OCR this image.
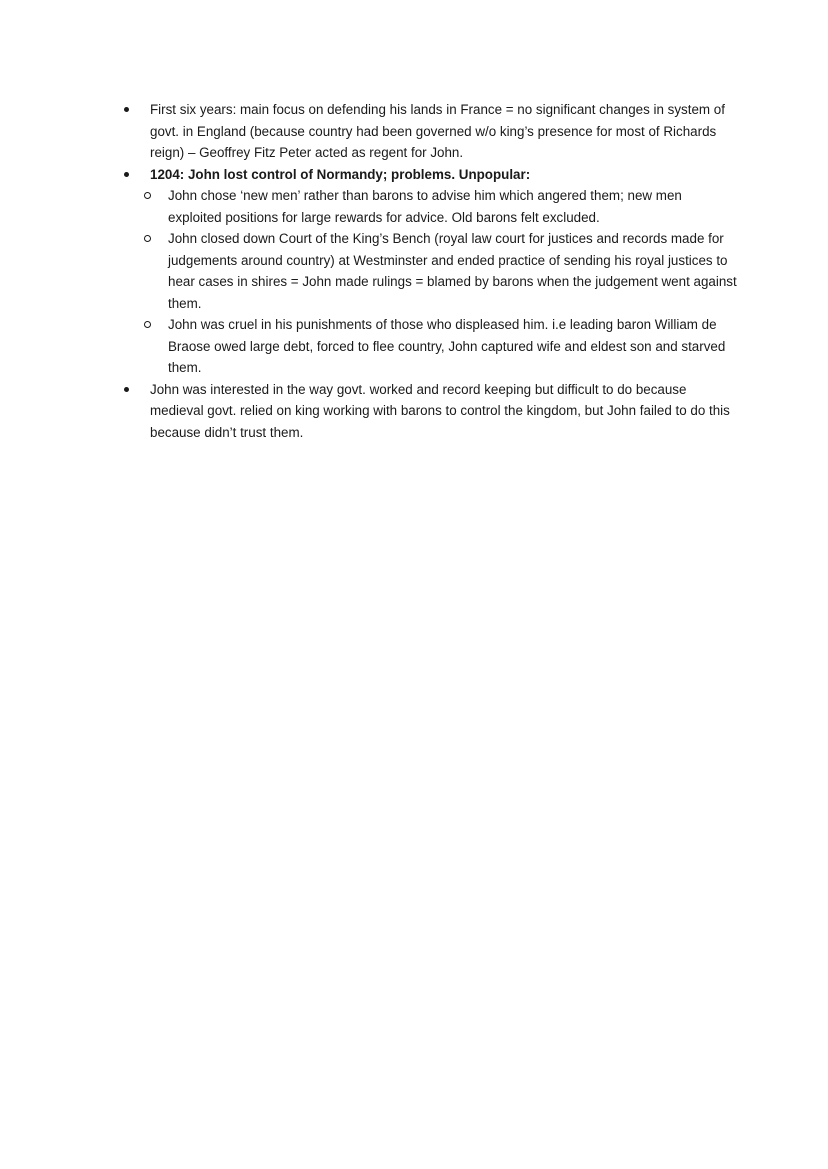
First six years: main focus on defending his lands in France = no significant changes in system of govt. in England (because country had been governed w/o king’s presence for most of Richards reign) – Geoffrey Fitz Peter acted as regent for John.
1204: John lost control of Normandy; problems. Unpopular:
John chose ‘new men’ rather than barons to advise him which angered them; new men exploited positions for large rewards for advice. Old barons felt excluded.
John closed down Court of the King’s Bench (royal law court for justices and records made for judgements around country) at Westminster and ended practice of sending his royal justices to hear cases in shires = John made rulings = blamed by barons when the judgement went against them.
John was cruel in his punishments of those who displeased him. i.e leading baron William de Braose owed large debt, forced to flee country, John captured wife and eldest son and starved them.
John was interested in the way govt. worked and record keeping but difficult to do because medieval govt. relied on king working with barons to control the kingdom, but John failed to do this because didn’t trust them.
